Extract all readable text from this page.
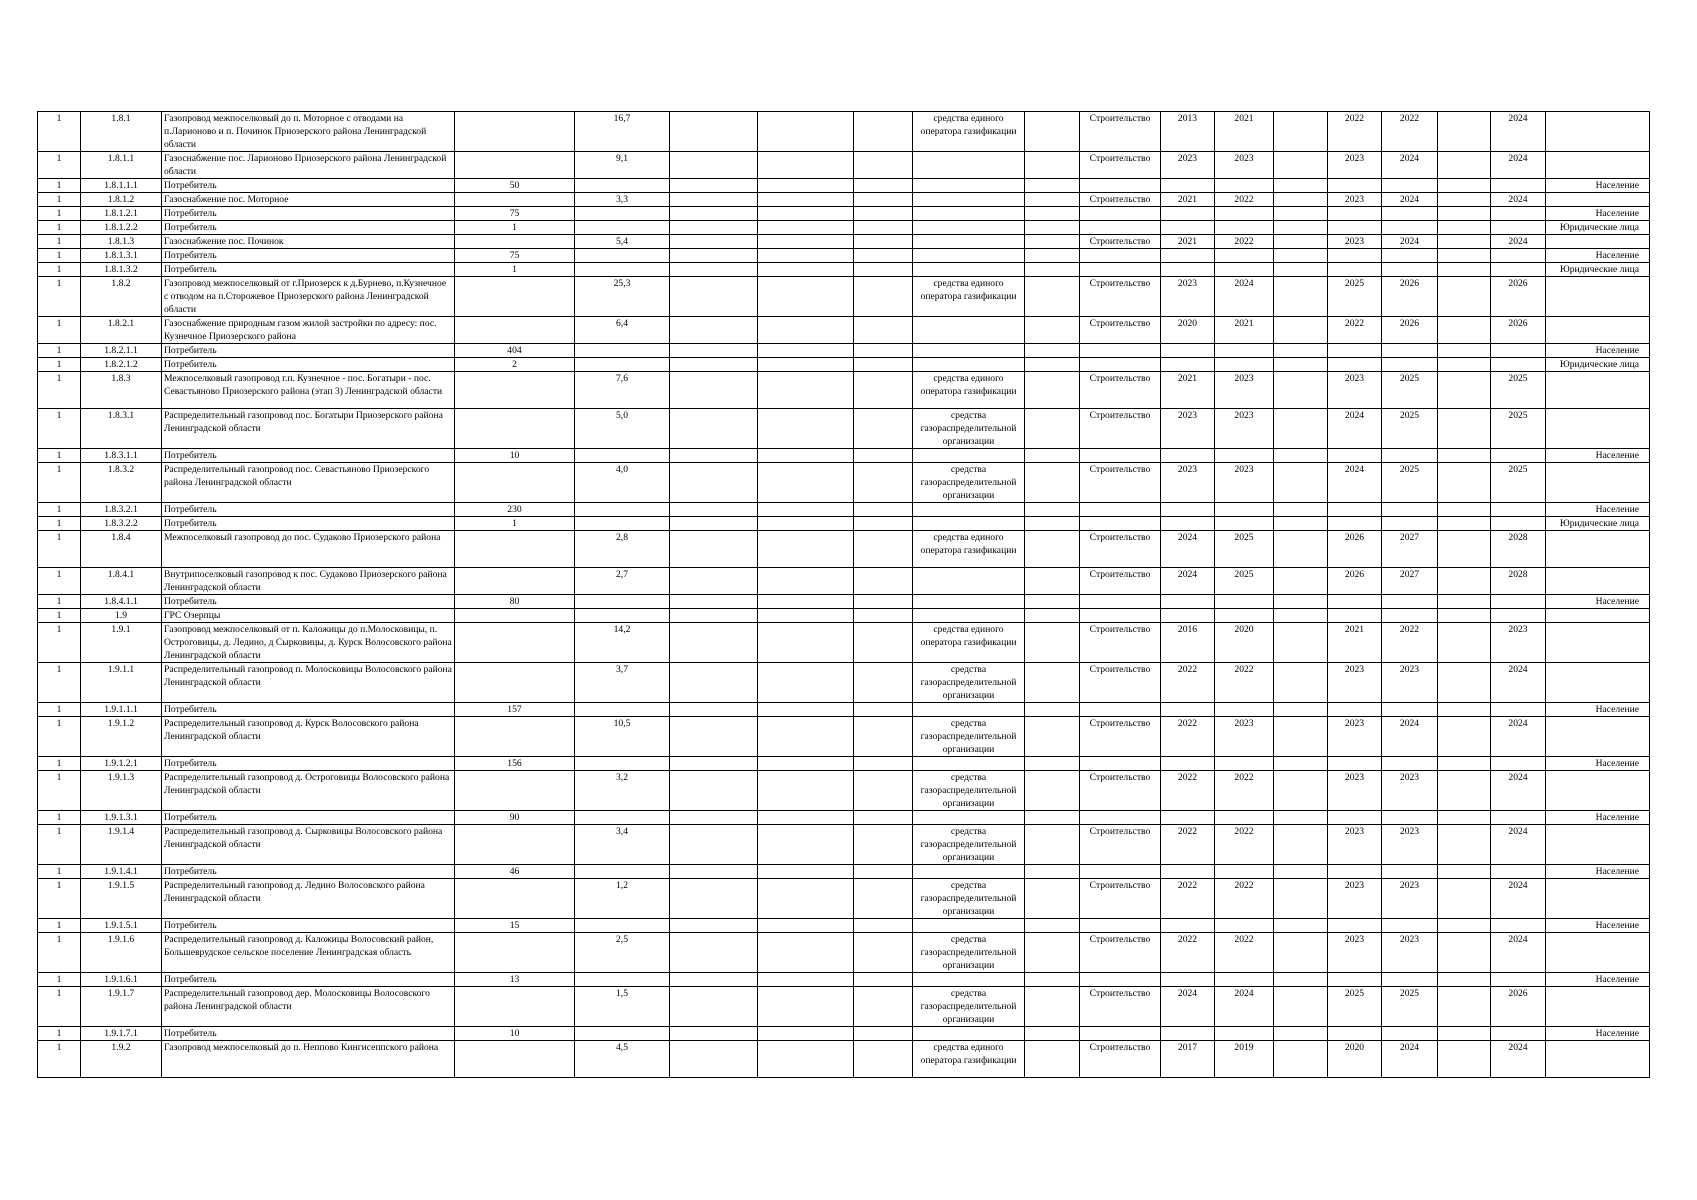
1	1.8.1	Газопровод межпоселковый до п. Моторное с отводами на п.Ларионово и п. Починок Приозерского района Ленинградской области		16,7				средства единого оператора газификации		Строительство	2013	2021		2022	2022		2024	
1	1.8.1.1	Газоснабжение пос. Ларионово Приозерского района Ленинградской области		9,1						Строительство	2023	2023		2023	2024		2024	
1	1.8.1.1.1	Потребитель	50															Население
1	1.8.1.2	Газоснабжение пос. Моторное		3,3						Строительство	2021	2022		2023	2024		2024	
1	1.8.1.2.1	Потребитель	75															Население
1	1.8.1.2.2	Потребитель	1															Юридические лица
1	1.8.1.3	Газоснабжение пос. Починок		5,4						Строительство	2021	2022		2023	2024		2024	
1	1.8.1.3.1	Потребитель	75															Население
1	1.8.1.3.2	Потребитель	1															Юридические лица
1	1.8.2	Газопровод межпоселковый от г.Приозерск к д.Бурнево, п.Кузнечное с отводом на п.Сторожевое Приозерского района Ленинградской области		25,3				средства единого оператора газификации		Строительство	2023	2024		2025	2026		2026	
1	1.8.2.1	Газоснабжение природным газом жилой застройки по адресу: пос. Кузнечное Приозерского района		6,4						Строительство	2020	2021		2022	2026		2026	
1	1.8.2.1.1	Потребитель	404															Население
1	1.8.2.1.2	Потребитель	2															Юридические лица
1	1.8.3	Межпоселковый газопровод г.п. Кузнечное - пос. Богатыри - пос. Севастьяново Приозерского района (этап 3) Ленинградской области		7,6				средства единого оператора газификации		Строительство	2021	2023		2023	2025		2025	
1	1.8.3.1	Распределительный газопровод пос. Богатыри Приозерского района Ленинградской области		5,0				средства газораспределительной организации		Строительство	2023	2023		2024	2025		2025	
1	1.8.3.1.1	Потребитель	10															Население
1	1.8.3.2	Распределительный газопровод пос. Севастьяново Приозерского района Ленинградской области		4,0				средства газораспределительной организации		Строительство	2023	2023		2024	2025		2025	
1	1.8.3.2.1	Потребитель	230															Население
1	1.8.3.2.2	Потребитель	1															Юридические лица
1	1.8.4	Межпоселковый газопровод до пос. Судаково Приозерского района		2,8				средства единого оператора газификации		Строительство	2024	2025		2026	2027		2028	
1	1.8.4.1	Внутрипоселковый газопровод к пос. Судаково Приозерского района Ленинградской области		2,7						Строительство	2024	2025		2026	2027		2028	
1	1.8.4.1.1	Потребитель	80															Население
1	1.9	ГРС Озерпцы																
1	1.9.1	Газопровод межпоселковый от п. Каложицы до п.Молосковицы, п. Остроговицы, д. Ледино, д Сырковицы, д. Курск Волосовского района Ленинградской области		14,2				средства единого оператора газификации		Строительство	2016	2020		2021	2022		2023	
1	1.9.1.1	Распределительный газопровод п. Молосковицы Волосовского района Ленинградской области		3,7				средства газораспределительной организации		Строительство	2022	2022		2023	2023		2024	
1	1.9.1.1.1	Потребитель	157															Население
1	1.9.1.2	Распределительный газопровод д. Курск Волосовского района Ленинградской области		10,5				средства газораспределительной организации		Строительство	2022	2023		2023	2024		2024	
1	1.9.1.2.1	Потребитель	156															Население
1	1.9.1.3	Распределительный газопровод д. Остроговицы Волосовского района Ленинградской области		3,2				средства газораспределительной организации		Строительство	2022	2022		2023	2023		2024	
1	1.9.1.3.1	Потребитель	90															Население
1	1.9.1.4	Распределительный газопровод д. Сырковицы Волосовского района Ленинградской области		3,4				средства газораспределительной организации		Строительство	2022	2022		2023	2023		2024	
1	1.9.1.4.1	Потребитель	46															Население
1	1.9.1.5	Распределительный газопровод д. Ледино Волосовского района Ленинградской области		1,2				средства газораспределительной организации		Строительство	2022	2022		2023	2023		2024	
1	1.9.1.5.1	Потребитель	15															Население
1	1.9.1.6	Распределительный газопровод д. Каложицы Волосовский район, Большеврудское сельское поселение Ленинградская область		2,5				средства газораспределительной организации		Строительство	2022	2022		2023	2023		2024	
1	1.9.1.6.1	Потребитель	13															Население
1	1.9.1.7	Распределительный газопровод дер. Молосковицы Волосовского района Ленинградской области		1,5				средства газораспределительной организации		Строительство	2024	2024		2025	2025		2026	
1	1.9.1.7.1	Потребитель	10															Население
1	1.9.2	Газопровод межпоселковый до п. Неппово Кингисеппского района		4,5				средства единого оператора газификации		Строительство	2017	2019		2020	2024		2024	
